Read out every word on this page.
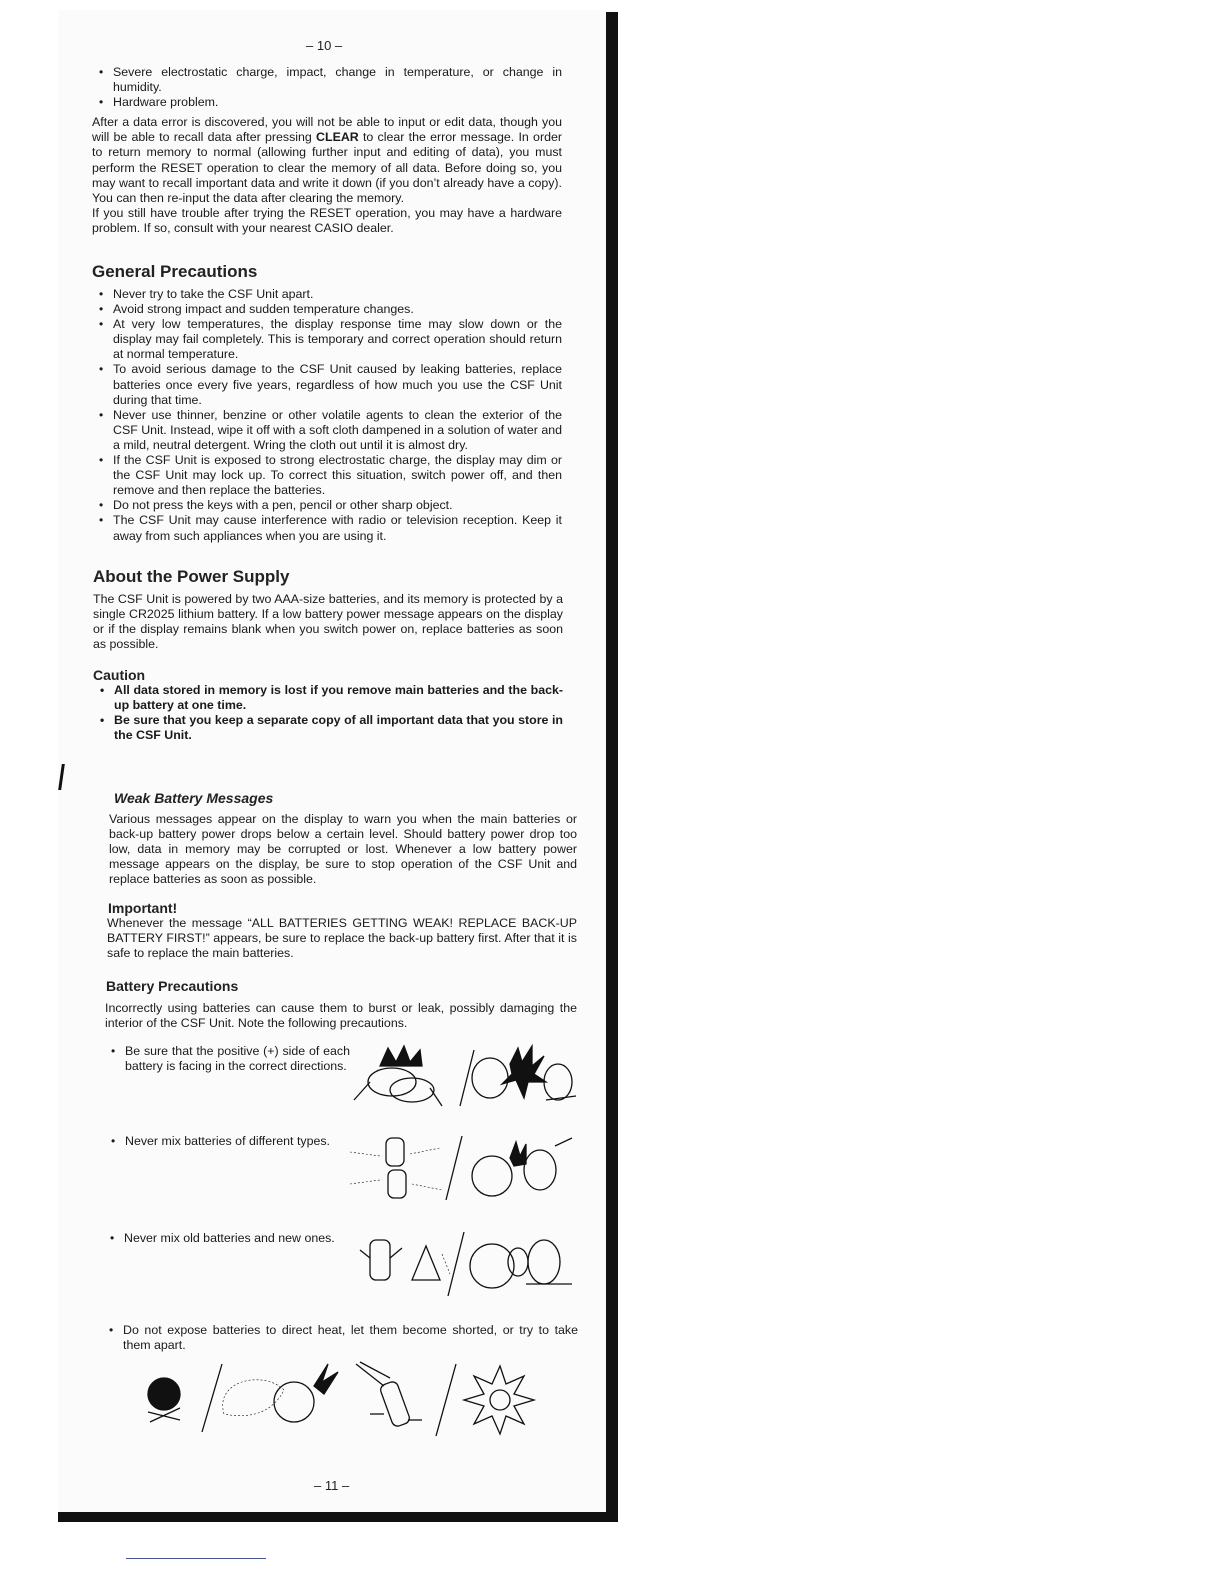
– 10 –
• Severe electrostatic charge, impact, change in temperature, or change in humidity.
• Hardware problem.

After a data error is discovered, you will not be able to input or edit data, though you will be able to recall data after pressing CLEAR to clear the error message. In order to return memory to normal (allowing further input and editing of data), you must perform the RESET operation to clear the memory of all data. Before doing so, you may want to recall important data and write it down (if you don’t already have a copy). You can then re-input the data after clearing the memory.

If you still have trouble after trying the RESET operation, you may have a hardware problem. If so, consult with your nearest CASIO dealer.

General Precautions
• Never try to take the CSF Unit apart.
• Avoid strong impact and sudden temperature changes.
• At very low temperatures, the display response time may slow down or the display may fail completely. This is temporary and correct operation should return at normal temperature.
• To avoid serious damage to the CSF Unit caused by leaking batteries, replace batteries once every five years, regardless of how much you use the CSF Unit during that time.
• Never use thinner, benzine or other volatile agents to clean the exterior of the CSF Unit. Instead, wipe it off with a soft cloth dampened in a solution of water and a mild, neutral detergent. Wring the cloth out until it is almost dry.
• If the CSF Unit is exposed to strong electrostatic charge, the display may dim or the CSF Unit may lock up. To correct this situation, switch power off, and then remove and then replace the batteries.
• Do not press the keys with a pen, pencil or other sharp object.
• The CSF Unit may cause interference with radio or television reception. Keep it away from such appliances when you are using it.
About the Power Supply
The CSF Unit is powered by two AAA-size batteries, and its memory is protected by a single CR2025 lithium battery. If a low battery power message appears on the display or if the display remains blank when you switch power on, replace batteries as soon as possible.
Caution
• All data stored in memory is lost if you remove main batteries and the back-up battery at one time.
• Be sure that you keep a separate copy of all important data that you store in the CSF Unit.
Weak Battery Messages
Various messages appear on the display to warn you when the main batteries or back-up battery power drops below a certain level. Should battery power drop too low, data in memory may be corrupted or lost. Whenever a low battery power message appears on the display, be sure to stop operation of the CSF Unit and replace batteries as soon as possible.
Important!
Whenever the message “ALL BATTERIES GETTING WEAK! REPLACE BACK-UP BATTERY FIRST!” appears, be sure to replace the back-up battery first. After that it is safe to replace the main batteries.
Battery Precautions
Incorrectly using batteries can cause them to burst or leak, possibly damaging the interior of the CSF Unit. Note the following precautions.
• Be sure that the positive (+) side of each battery is facing in the correct directions.
• Never mix batteries of different types.
• Never mix old batteries and new ones.
• Do not expose batteries to direct heat, let them become shorted, or try to take them apart.
– 11 –
